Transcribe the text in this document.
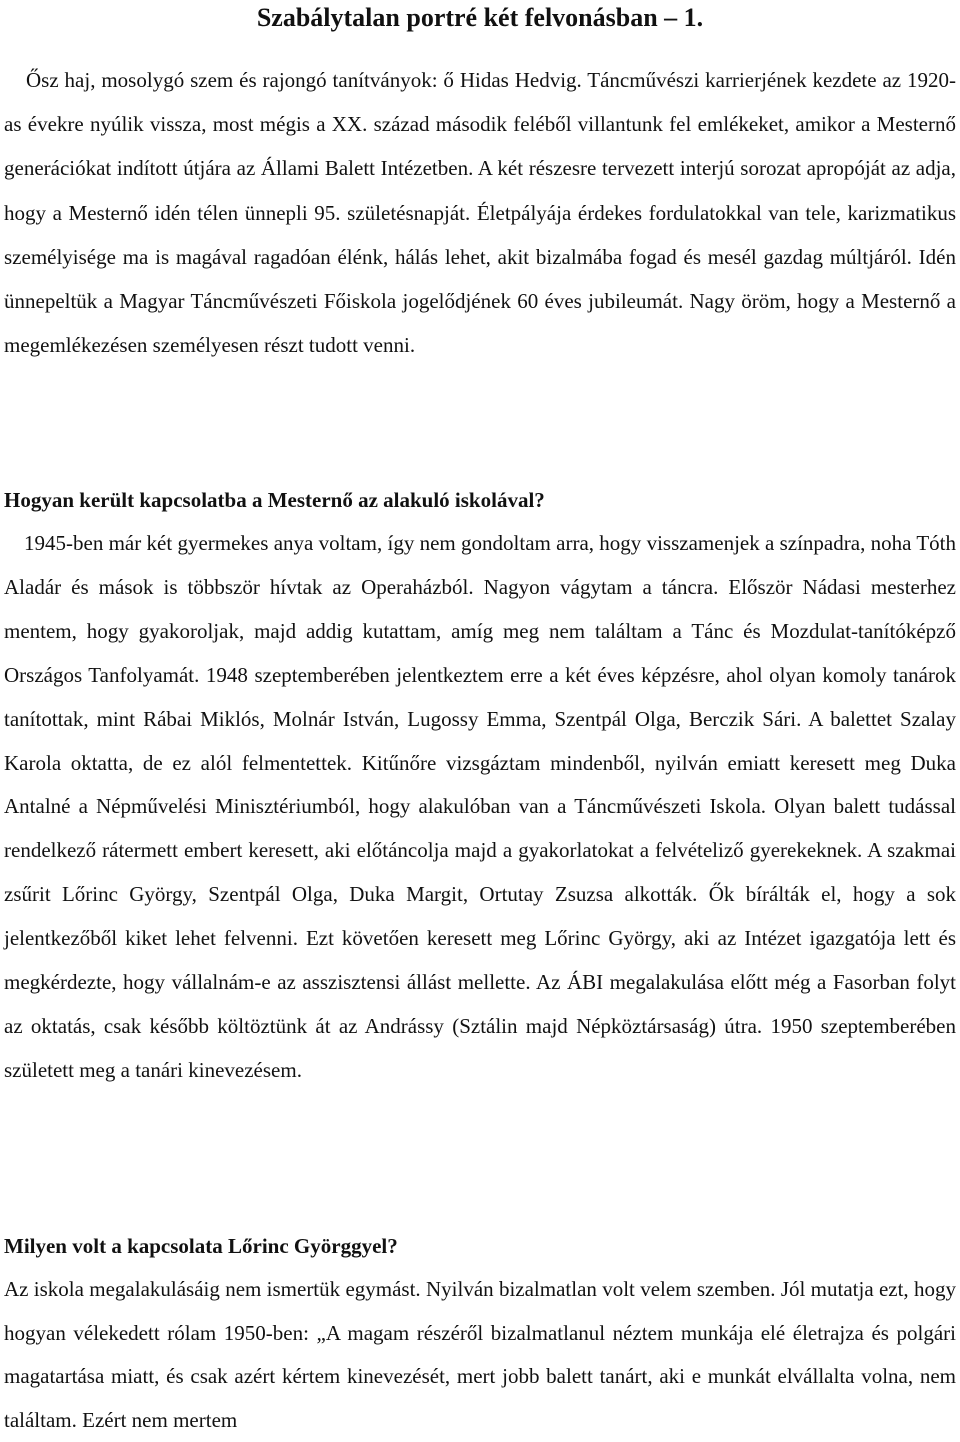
Szabálytalan portré két felvonásban – 1.

Ősz haj, mosolygó szem és rajongó tanítványok: ő Hidas Hedvig. Táncművészi karrierjének kezdete az 1920-as évekre nyúlik vissza, most mégis a XX. század második feléből villantunk fel emlékeket, amikor a Mesternő generációkat indított útjára az Állami Balett Intézetben. A két részesre tervezett interjú sorozat apropóját az adja, hogy a Mesternő idén télen ünnepli 95. születésnapját. Életpályája érdekes fordulatokkal van tele, karizmatikus személyisége ma is magával ragadóan élénk, hálás lehet, akit bizalmába fogad és mesél gazdag múltjáról. Idén ünnepeltük a Magyar Táncművészeti Főiskola jogelődjének 60 éves jubileumát. Nagy öröm, hogy a Mesternő a megemlékezésen személyesen részt tudott venni.

Hogyan került kapcsolatba a Mesternő az alakuló iskolával?

1945-ben már két gyermekes anya voltam, így nem gondoltam arra, hogy visszamenjek a színpadra, noha Tóth Aladár és mások is többször hívtak az Operaházból. Nagyon vágytam a táncra. Először Nádasi mesterhez mentem, hogy gyakoroljak, majd addig kutattam, amíg meg nem találtam a Tánc és Mozdulat-tanítóképző Országos Tanfolyamát. 1948 szeptemberében jelentkeztem erre a két éves képzésre, ahol olyan komoly tanárok tanítottak, mint Rábai Miklós, Molnár István, Lugossy Emma, Szentpál Olga, Berczik Sári. A balettet Szalay Karola oktatta, de ez alól felmentettek. Kitűnőre vizsgáztam mindenből, nyilván emiatt keresett meg Duka Antalné a Népművelési Minisztériumból, hogy alakulóban van a Táncművészeti Iskola. Olyan balett tudással rendelkező rátermett embert keresett, aki előtáncolja majd a gyakorlatokat a felvételiző gyerekeknek. A szakmai zsűrit Lőrinc György, Szentpál Olga, Duka Margit, Ortutay Zsuzsa alkották. Ők bírálták el, hogy a sok jelentkezőből kiket lehet felvenni. Ezt követően keresett meg Lőrinc György, aki az Intézet igazgatója lett és megkérdezte, hogy vállalnám-e az asszisztensi állást mellette. Az ÁBI megalakulása előtt még a Fasorban folyt az oktatás, csak később költöztünk át az Andrássy (Sztálin majd Népköztársaság) útra. 1950 szeptemberében született meg a tanári kinevezésem.

Milyen volt a kapcsolata Lőrinc Györggyel?

Az iskola megalakulásáig nem ismertük egymást. Nyilván bizalmatlan volt velem szemben. Jól mutatja ezt, hogy hogyan vélekedett rólam 1950-ben: „A magam részéről bizalmatlanul néztem munkája elé életrajza és polgári magatartása miatt, és csak azért kértem kinevezését, mert jobb balett tanárt, aki e munkát elvállalta volna, nem találtam. Ezért nem mertem
